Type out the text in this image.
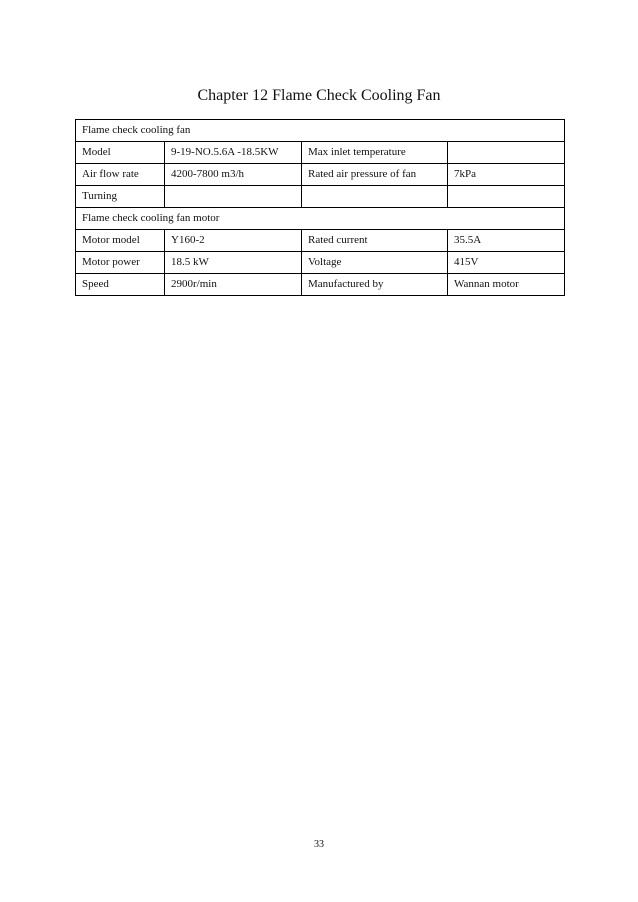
Chapter 12 Flame Check Cooling Fan
Flame check cooling fan			
Model	9-19-NO.5.6A -18.5KW	Max inlet temperature	
Air flow rate	4200-7800 m3/h	Rated air pressure of fan	7kPa
Turning			
Flame check cooling fan motor			
Motor model	Y160-2	Rated current	35.5A
Motor power	18.5 kW	Voltage	415V
Speed	2900r/min	Manufactured by	Wannan motor
33
